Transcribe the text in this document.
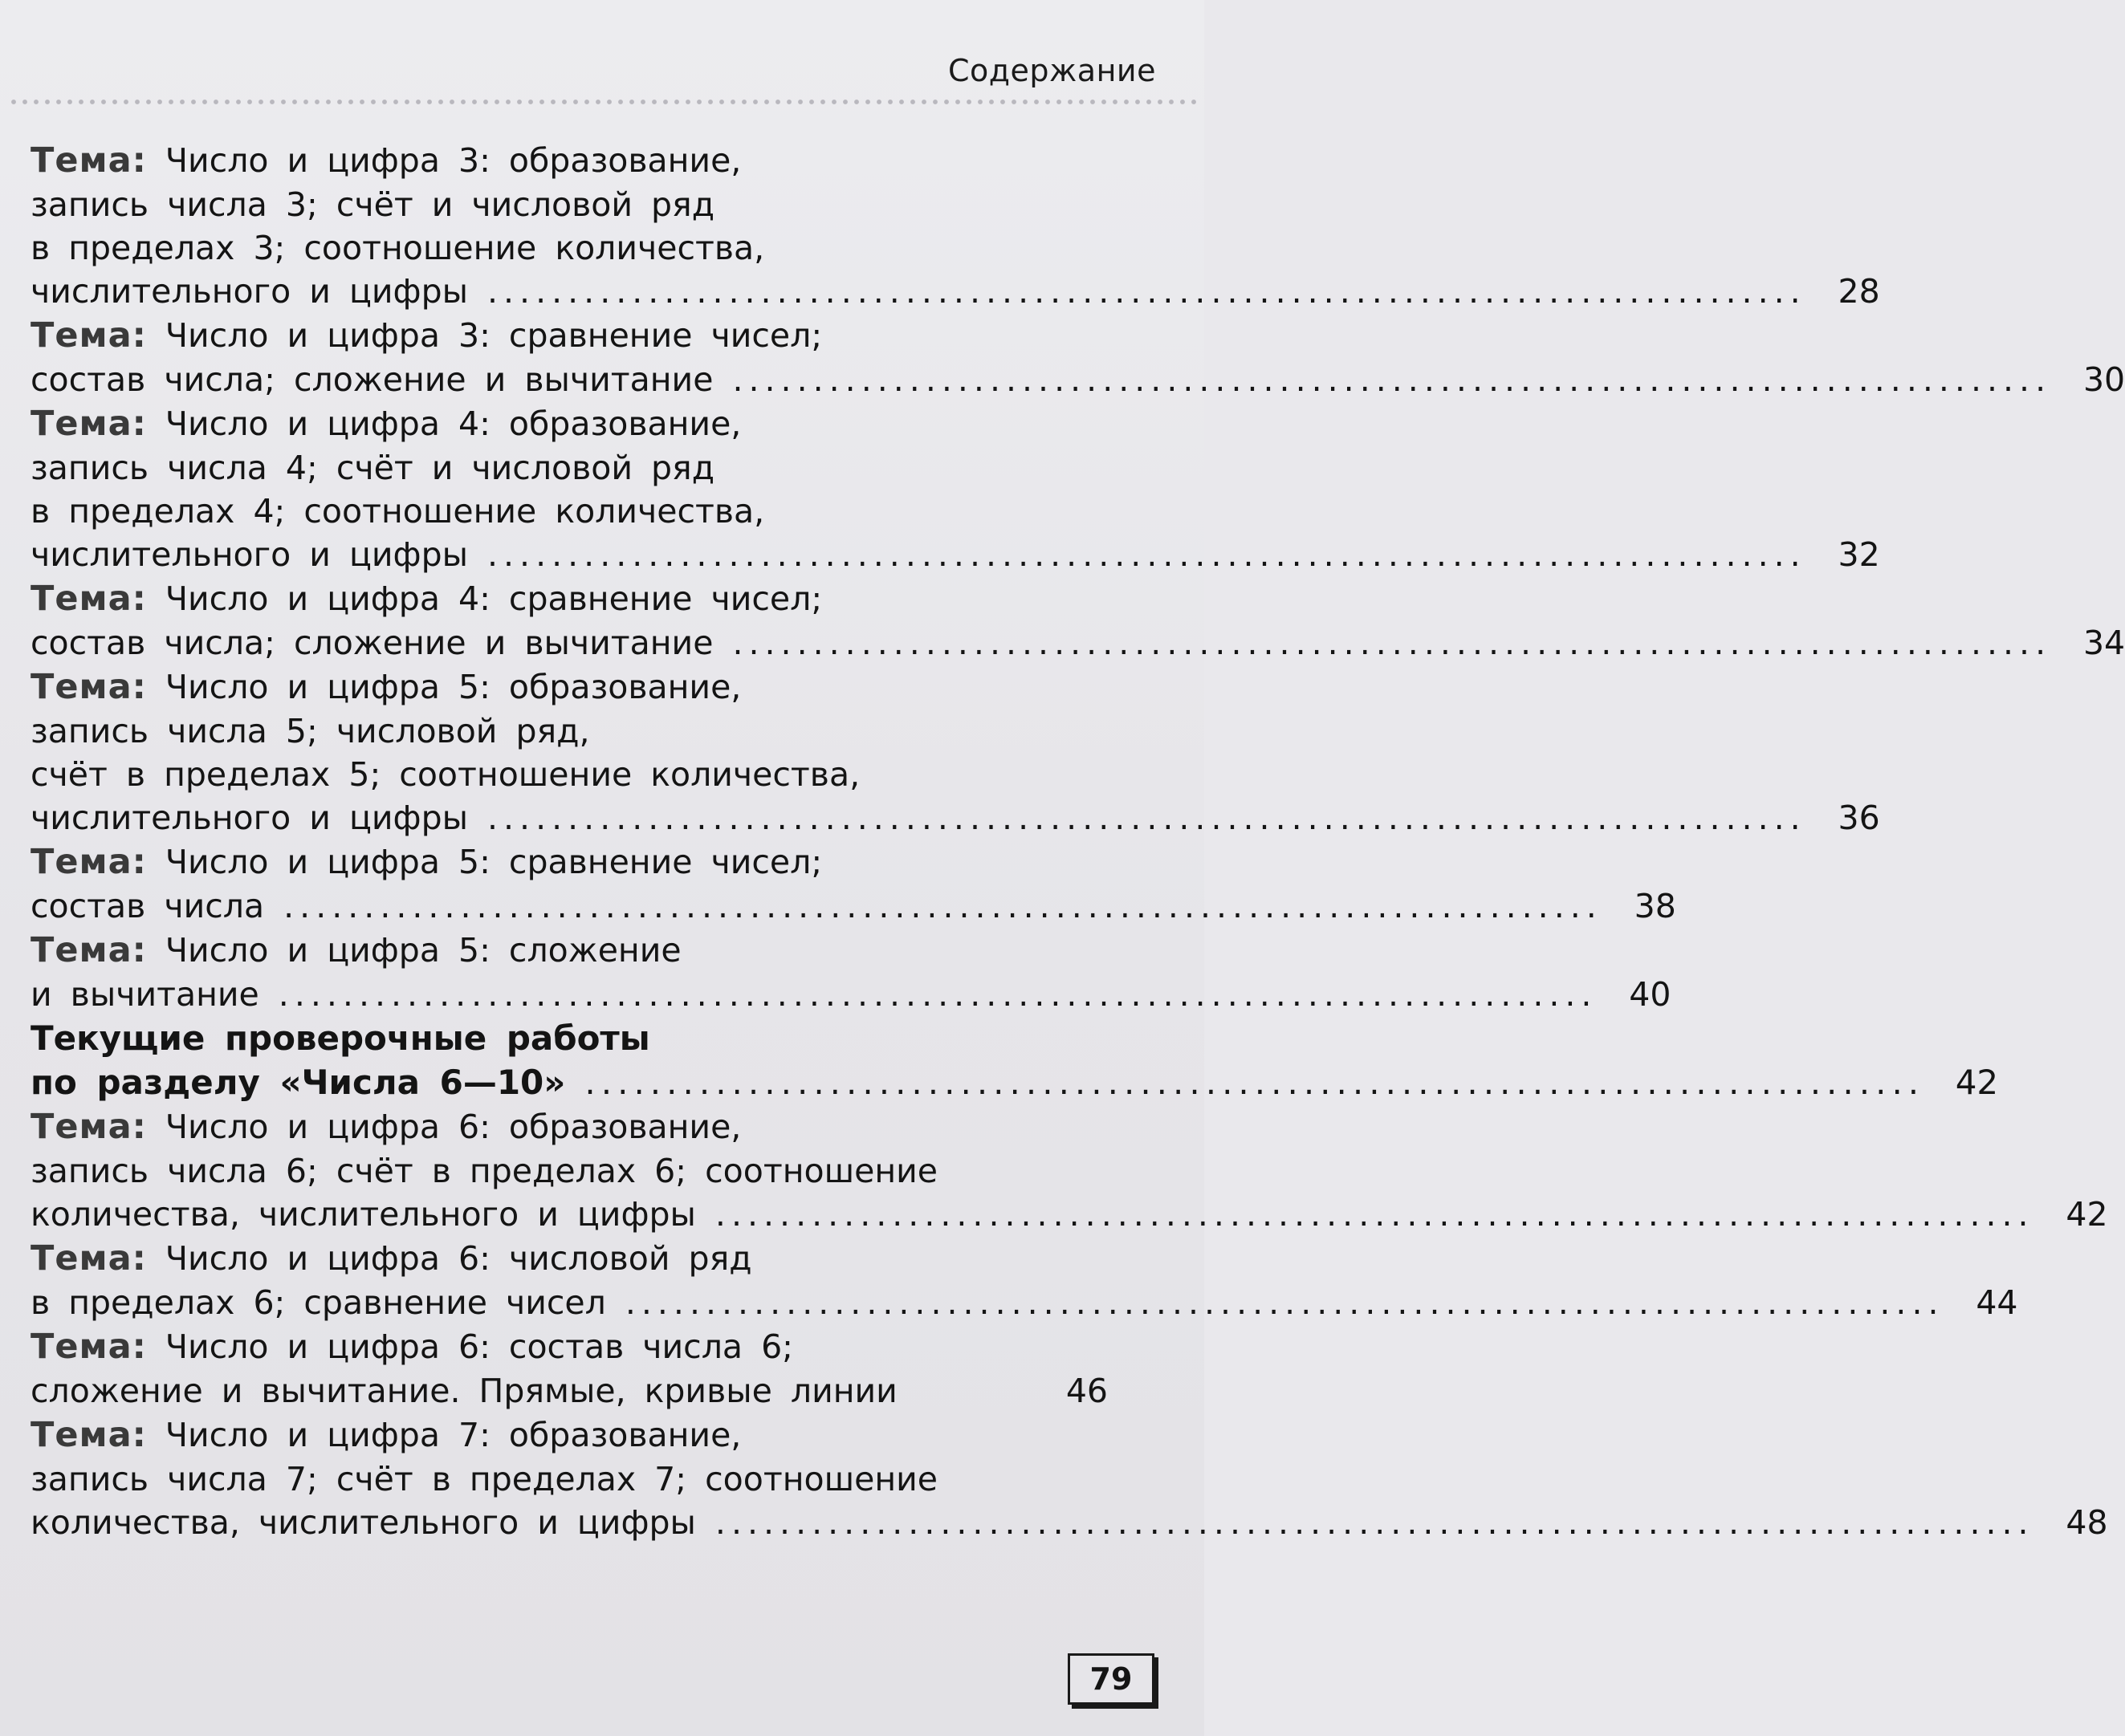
Содержание
Тема: Число и цифра 3: образование,
запись числа 3; счёт и числовой ряд
в пределах 3; соотношение количества,
числительного и цифры .................................................................................. 28
Тема: Число и цифра 3: сравнение чисел;
состав числа; сложение и вычитание .................................................................................. 30
Тема: Число и цифра 4: образование,
запись числа 4; счёт и числовой ряд
в пределах 4; соотношение количества,
числительного и цифры .................................................................................. 32
Тема: Число и цифра 4: сравнение чисел;
состав числа; сложение и вычитание .................................................................................. 34
Тема: Число и цифра 5: образование,
запись числа 5; числовой ряд,
счёт в пределах 5; соотношение количества,
числительного и цифры .................................................................................. 36
Тема: Число и цифра 5: сравнение чисел;
состав числа .................................................................................. 38
Тема: Число и цифра 5: сложение
и вычитание .................................................................................. 40
Текущие проверочные работы
по разделу «Числа 6—10» .................................................................................. 42
Тема: Число и цифра 6: образование,
запись числа 6; счёт в пределах 6; соотношение
количества, числительного и цифры .................................................................................. 42
Тема: Число и цифра 6: числовой ряд
в пределах 6; сравнение чисел .................................................................................. 44
Тема: Число и цифра 6: состав числа 6;
сложение и вычитание. Прямые, кривые линии	46
Тема: Число и цифра 7: образование,
запись числа 7; счёт в пределах 7; соотношение
количества, числительного и цифры .................................................................................. 48
79
